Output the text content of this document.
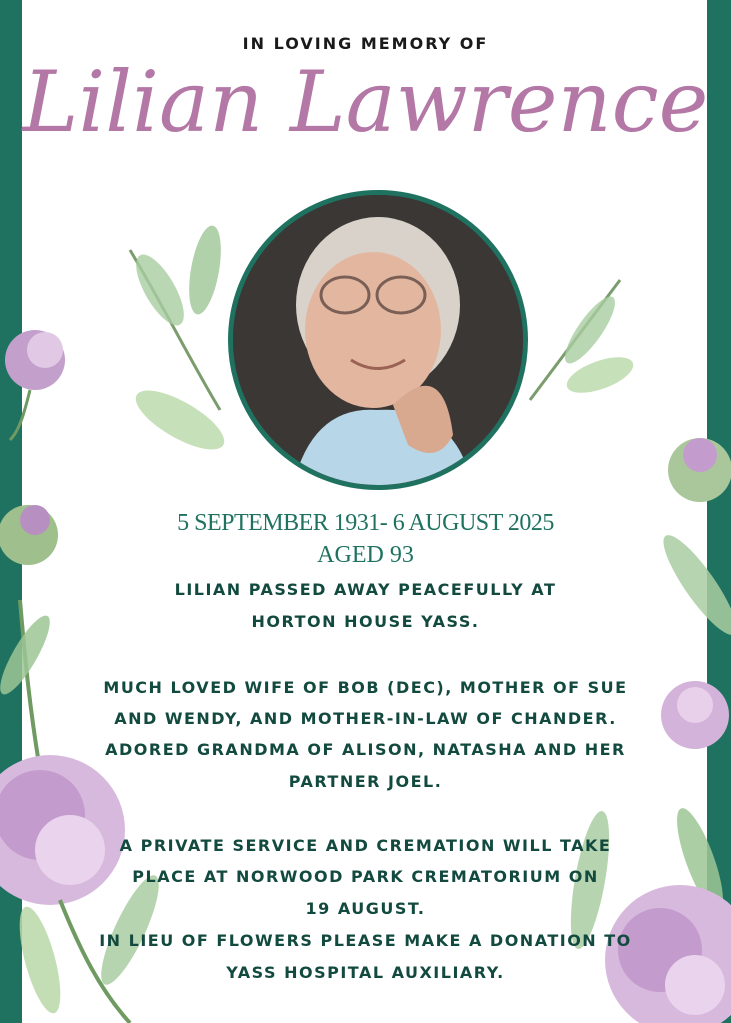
IN LOVING MEMORY OF
Lilian Lawrence
5 SEPTEMBER 1931- 6 AUGUST 2025
AGED 93
LILIAN PASSED AWAY PEACEFULLY AT
HORTON HOUSE YASS.
MUCH LOVED WIFE OF BOB (DEC), MOTHER OF SUE
AND WENDY, AND MOTHER-IN-LAW OF CHANDER.
ADORED GRANDMA OF ALISON, NATASHA AND HER
PARTNER JOEL.
A PRIVATE SERVICE AND CREMATION WILL TAKE
PLACE AT NORWOOD PARK CREMATORIUM ON
19 AUGUST.
IN LIEU OF FLOWERS PLEASE MAKE A DONATION TO
YASS HOSPITAL AUXILIARY.
